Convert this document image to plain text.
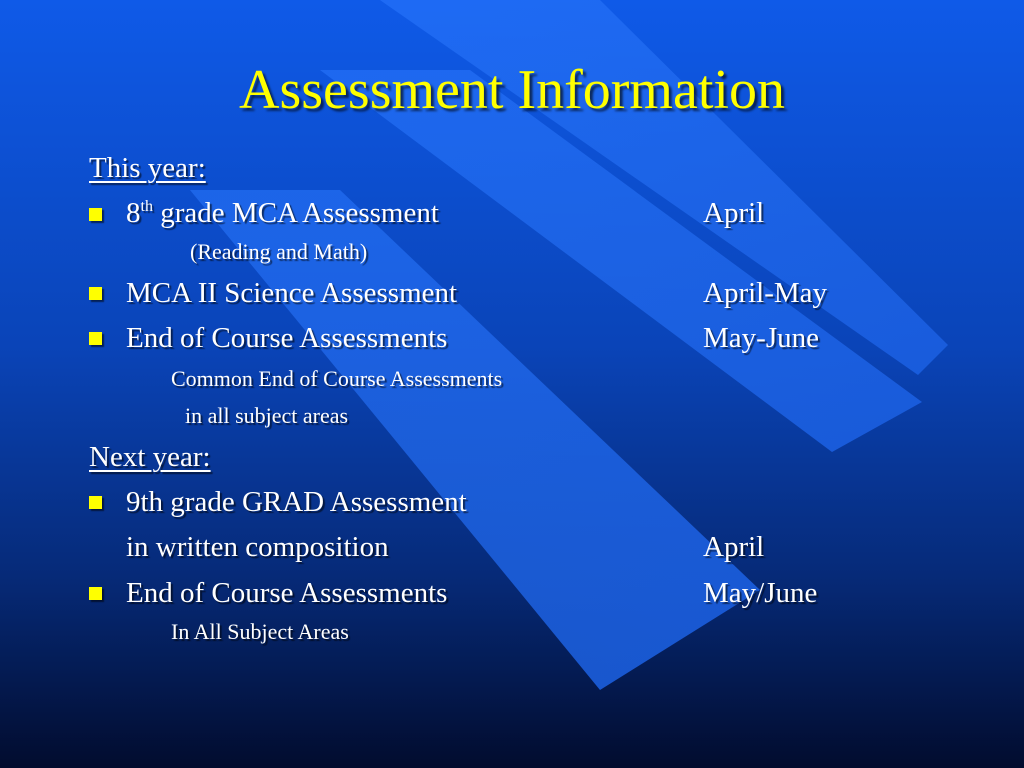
Assessment Information
This year:
8th grade MCA Assessment	April
(Reading and Math)
MCA II Science Assessment	April-May
End of Course Assessments	May-June
Common End of Course Assessments
in all subject areas
Next year:
9th grade GRAD Assessment
in written composition	April
End of Course Assessments	May/June
In All Subject Areas
